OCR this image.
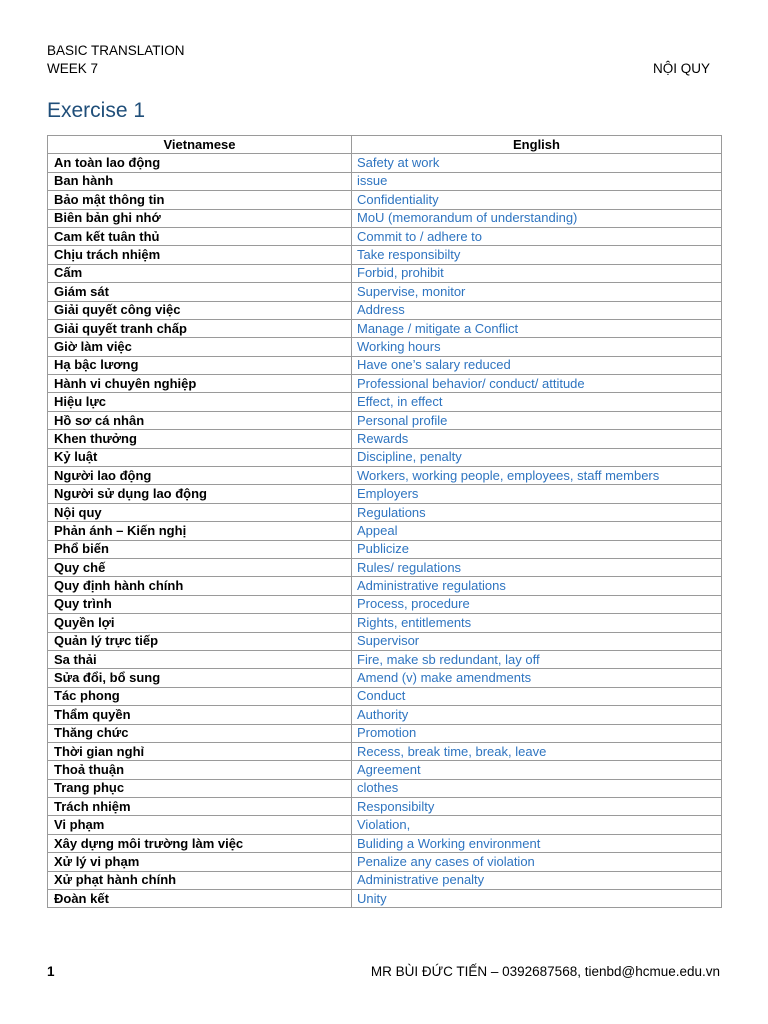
BASIC TRANSLATION
WEEK 7	NỘI QUY
Exercise 1
Vietnamese	English
An toàn lao động	Safety at work
Ban hành	issue
Bảo mật thông tin	Confidentiality
Biên bản ghi nhớ	MoU (memorandum of understanding)
Cam kết tuân thủ	Commit to / adhere to
Chịu trách nhiệm	Take responsibilty
Cấm	Forbid, prohibit
Giám sát	Supervise, monitor
Giải quyết công việc	Address
Giải quyết tranh chấp	Manage / mitigate a Conflict
Giờ làm việc	Working hours
Hạ bậc lương	Have one’s salary reduced
Hành vi chuyên nghiệp	Professional behavior/ conduct/ attitude
Hiệu lực	Effect, in effect
Hồ sơ cá nhân	Personal profile
Khen thưởng	Rewards
Kỷ luật	Discipline, penalty
Người lao động	Workers, working people, employees, staff members
Người sử dụng lao động	Employers
Nội quy	Regulations
Phản ánh – Kiến nghị	Appeal
Phổ biến	Publicize
Quy chế	Rules/ regulations
Quy định hành chính	Administrative regulations
Quy trình	Process, procedure
Quyền lợi	Rights, entitlements
Quản lý trực tiếp	Supervisor
Sa thải	Fire, make sb redundant, lay off
Sửa đổi, bổ sung	Amend (v) make amendments
Tác phong	Conduct
Thẩm quyền	Authority
Thăng chức	Promotion
Thời gian nghỉ	Recess, break time, break, leave
Thoả thuận	Agreement
Trang phục	clothes
Trách nhiệm	Responsibilty
Vi phạm	Violation,
Xây dựng môi trường làm việc	Buliding a Working environment
Xử lý vi phạm	Penalize any cases of violation
Xử phạt hành chính	Administrative penalty
Đoàn kết	Unity
1	MR BÙI ĐỨC TIẾN – 0392687568, tienbd@hcmue.edu.vn
